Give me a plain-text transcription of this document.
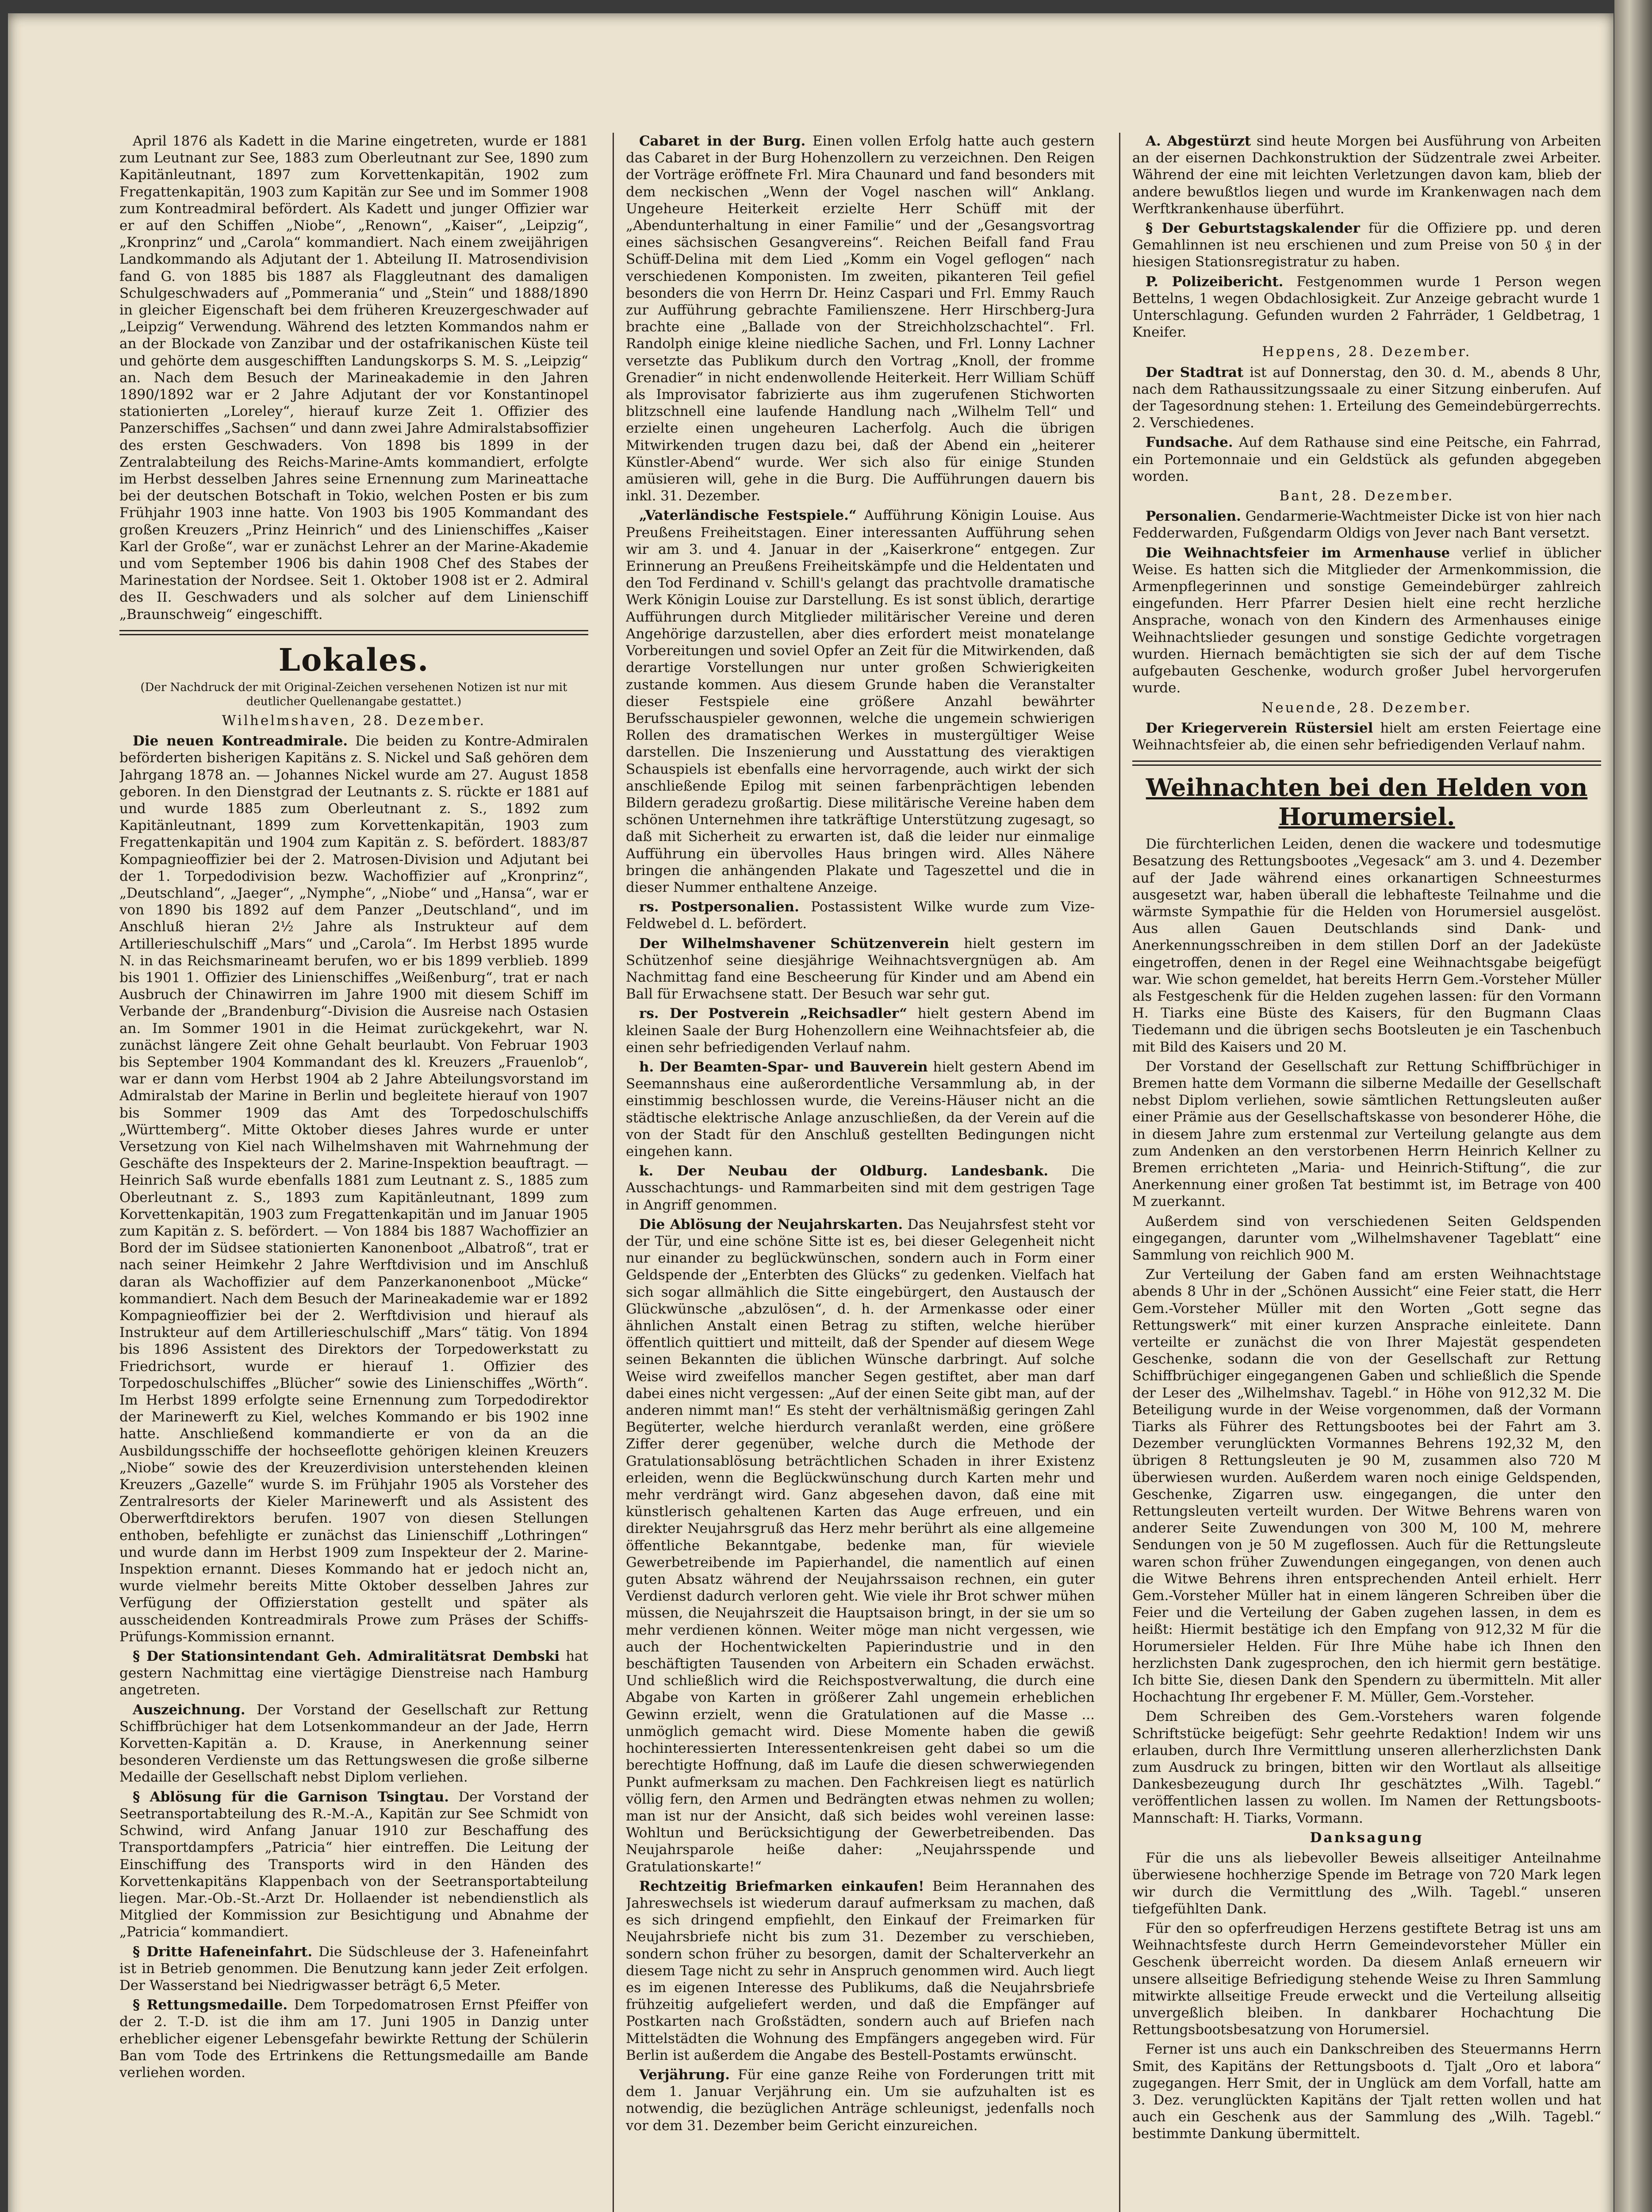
April 1876 als Kadett in die Marine eingetreten, wurde er 1881 zum Leutnant zur See, 1883 zum Oberleutnant zur See, 1890 zum Kapitänleutnant, 1897 zum Korvettenkapitän, 1902 zum Fregattenkapitän, 1903 zum Kapitän zur See und im Sommer 1908 zum Kontreadmiral befördert. Als Kadett und junger Offizier war er auf den Schiffen „Niobe“, „Renown“, „Kaiser“, „Leipzig“, „Kronprinz“ und „Carola“ kommandiert. Nach einem zweijährigen Landkommando als Adjutant der 1. Abteilung II. Matrosendivision fand G. von 1885 bis 1887 als Flaggleutnant des damaligen Schulgeschwaders auf „Pommerania“ und „Stein“ und 1888/1890 in gleicher Eigenschaft bei dem früheren Kreuzergeschwader auf „Leipzig“ Verwendung. Während des letzten Kommandos nahm er an der Blockade von Zanzibar und der ostafrikanischen Küste teil und gehörte dem ausgeschifften Landungskorps S. M. S. „Leipzig“ an. Nach dem Besuch der Marineakademie in den Jahren 1890/1892 war er 2 Jahre Adjutant der vor Konstantinopel stationierten „Loreley“, hierauf kurze Zeit 1. Offizier des Panzerschiffes „Sachsen“ und dann zwei Jahre Admiralstabsoffizier des ersten Geschwaders. Von 1898 bis 1899 in der Zentralabteilung des Reichs-Marine-Amts kommandiert, erfolgte im Herbst desselben Jahres seine Ernennung zum Marineattache bei der deutschen Botschaft in Tokio, welchen Posten er bis zum Frühjahr 1903 inne hatte. Von 1903 bis 1905 Kommandant des großen Kreuzers „Prinz Heinrich“ und des Linienschiffes „Kaiser Karl der Große“, war er zunächst Lehrer an der Marine-Akademie und vom September 1906 bis dahin 1908 Chef des Stabes der Marinestation der Nordsee. Seit 1. Oktober 1908 ist er 2. Admiral des II. Geschwaders und als solcher auf dem Linienschiff „Braunschweig“ eingeschifft.

Lokales.
(Der Nachdruck der mit Original-Zeichen versehenen Notizen ist nur mit deutlicher Quellenangabe gestattet.)
Wilhelmshaven, 28. Dezember.

Die neuen Kontreadmirale. Die beiden zu Kontre-Admiralen beförderten bisherigen Kapitäns z. S. Nickel und Saß gehören dem Jahrgang 1878 an. — Johannes Nickel wurde am 27. August 1858 geboren. In den Dienstgrad der Leutnants z. S. rückte er 1881 auf und wurde 1885 zum Oberleutnant z. S., 1892 zum Kapitänleutnant, 1899 zum Korvettenkapitän, 1903 zum Fregattenkapitän und 1904 zum Kapitän z. S. befördert. 1883/87 Kompagnieoffizier bei der 2. Matrosen-Division und Adjutant bei der 1. Torpedodivision bezw. Wachoffizier auf „Kronprinz“, „Deutschland“, „Jaeger“, „Nymphe“, „Niobe“ und „Hansa“, war er von 1890 bis 1892 auf dem Panzer „Deutschland“, und im Anschluß hieran 2½ Jahre als Instrukteur auf dem Artillerieschulschiff „Mars“ und „Carola“. Im Herbst 1895 wurde N. in das Reichsmarineamt berufen, wo er bis 1899 verblieb. 1899 bis 1901 1. Offizier des Linienschiffes „Weißenburg“, trat er nach Ausbruch der Chinawirren im Jahre 1900 mit diesem Schiff im Verbande der „Brandenburg“-Division die Ausreise nach Ostasien an. Im Sommer 1901 in die Heimat zurückgekehrt, war N. zunächst längere Zeit ohne Gehalt beurlaubt. Von Februar 1903 bis September 1904 Kommandant des kl. Kreuzers „Frauenlob“, war er dann vom Herbst 1904 ab 2 Jahre Abteilungsvorstand im Admiralstab der Marine in Berlin und begleitete hierauf von 1907 bis Sommer 1909 das Amt des Torpedoschulschiffs „Württemberg“. Mitte Oktober dieses Jahres wurde er unter Versetzung von Kiel nach Wilhelmshaven mit Wahrnehmung der Geschäfte des Inspekteurs der 2. Marine-Inspektion beauftragt. — Heinrich Saß wurde ebenfalls 1881 zum Leutnant z. S., 1885 zum Oberleutnant z. S., 1893 zum Kapitänleutnant, 1899 zum Korvettenkapitän, 1903 zum Fregattenkapitän und im Januar 1905 zum Kapitän z. S. befördert. — Von 1884 bis 1887 Wachoffizier an Bord der im Südsee stationierten Kanonenboot „Albatroß“, trat er nach seiner Heimkehr 2 Jahre Werftdivision und im Anschluß daran als Wachoffizier auf dem Panzerkanonenboot „Mücke“ kommandiert. Nach dem Besuch der Marineakademie war er 1892 Kompagnieoffizier bei der 2. Werftdivision und hierauf als Instrukteur auf dem Artillerieschulschiff „Mars“ tätig. Von 1894 bis 1896 Assistent des Direktors der Torpedowerkstatt zu Friedrichsort, wurde er hierauf 1. Offizier des Torpedoschulschiffes „Blücher“ sowie des Linienschiffes „Wörth“. Im Herbst 1899 erfolgte seine Ernennung zum Torpedodirektor der Marinewerft zu Kiel, welches Kommando er bis 1902 inne hatte. Anschließend kommandierte er von da an die Ausbildungsschiffe der hochseeflotte gehörigen kleinen Kreuzers „Niobe“ sowie des der Kreuzerdivision unterstehenden kleinen Kreuzers „Gazelle“ wurde S. im Frühjahr 1905 als Vorsteher des Zentralresorts der Kieler Marinewerft und als Assistent des Oberwerftdirektors berufen. 1907 von diesen Stellungen enthoben, befehligte er zunächst das Linienschiff „Lothringen“ und wurde dann im Herbst 1909 zum Inspekteur der 2. Marine-Inspektion ernannt. Dieses Kommando hat er jedoch nicht an, wurde vielmehr bereits Mitte Oktober desselben Jahres zur Verfügung der Offizierstation gestellt und später als ausscheidenden Kontreadmirals Prowe zum Präses der Schiffs-Prüfungs-Kommission ernannt.

§ Der Stationsintendant Geh. Admiralitätsrat Dembski hat gestern Nachmittag eine viertägige Dienstreise nach Hamburg angetreten.

Auszeichnung. Der Vorstand der Gesellschaft zur Rettung Schiffbrüchiger hat dem Lotsenkommandeur an der Jade, Herrn Korvetten-Kapitän a. D. Krause, in Anerkennung seiner besonderen Verdienste um das Rettungswesen die große silberne Medaille der Gesellschaft nebst Diplom verliehen.

§ Ablösung für die Garnison Tsingtau. Der Vorstand der Seetransportabteilung des R.-M.-A., Kapitän zur See Schmidt von Schwind, wird Anfang Januar 1910 zur Beschaffung des Transportdampfers „Patricia“ hier eintreffen. Die Leitung der Einschiffung des Transports wird in den Händen des Korvettenkapitäns Klappenbach von der Seetransportabteilung liegen. Mar.-Ob.-St.-Arzt Dr. Hollaender ist nebendienstlich als Mitglied der Kommission zur Besichtigung und Abnahme der „Patricia“ kommandiert.

§ Dritte Hafeneinfahrt. Die Südschleuse der 3. Hafeneinfahrt ist in Betrieb genommen. Die Benutzung kann jeder Zeit erfolgen. Der Wasserstand bei Niedrigwasser beträgt 6,5 Meter.

§ Rettungsmedaille. Dem Torpedomatrosen Ernst Pfeiffer von der 2. T.-D. ist die ihm am 17. Juni 1905 in Danzig unter erheblicher eigener Lebensgefahr bewirkte Rettung der Schülerin Ban vom Tode des Ertrinkens die Rettungsmedaille am Bande verliehen worden.

Cabaret in der Burg. Einen vollen Erfolg hatte auch gestern das Cabaret in der Burg Hohenzollern zu verzeichnen. Den Reigen der Vorträge eröffnete Frl. Mira Chaunard und fand besonders mit dem neckischen „Wenn der Vogel naschen will“ Anklang. Ungeheure Heiterkeit erzielte Herr Schüff mit der „Abendunterhaltung in einer Familie“ und der „Gesangsvortrag eines sächsischen Gesangvereins“. Reichen Beifall fand Frau Schüff-Delina mit dem Lied „Komm ein Vogel geflogen“ nach verschiedenen Komponisten. Im zweiten, pikanteren Teil gefiel besonders die von Herrn Dr. Heinz Caspari und Frl. Emmy Rauch zur Aufführung gebrachte Familienszene. Herr Hirschberg-Jura brachte eine „Ballade von der Streichholzschachtel“. Frl. Randolph einige kleine niedliche Sachen, und Frl. Lonny Lachner versetzte das Publikum durch den Vortrag „Knoll, der fromme Grenadier“ in nicht endenwollende Heiterkeit. Herr William Schüff als Improvisator fabrizierte aus ihm zugerufenen Stichworten blitzschnell eine laufende Handlung nach „Wilhelm Tell“ und erzielte einen ungeheuren Lacherfolg. Auch die übrigen Mitwirkenden trugen dazu bei, daß der Abend ein „heiterer Künstler-Abend“ wurde. Wer sich also für einige Stunden amüsieren will, gehe in die Burg. Die Aufführungen dauern bis inkl. 31. Dezember.

„Vaterländische Festspiele.“ Aufführung Königin Louise. Aus Preußens Freiheitstagen. Einer interessanten Aufführung sehen wir am 3. und 4. Januar in der „Kaiserkrone“ entgegen. Zur Erinnerung an Preußens Freiheitskämpfe und die Heldentaten und den Tod Ferdinand v. Schill's gelangt das prachtvolle dramatische Werk Königin Louise zur Darstellung. Es ist sonst üblich, derartige Aufführungen durch Mitglieder militärischer Vereine und deren Angehörige darzustellen, aber dies erfordert meist monatelange Vorbereitungen und soviel Opfer an Zeit für die Mitwirkenden, daß derartige Vorstellungen nur unter großen Schwierigkeiten zustande kommen. Aus diesem Grunde haben die Veranstalter dieser Festspiele eine größere Anzahl bewährter Berufsschauspieler gewonnen, welche die ungemein schwierigen Rollen des dramatischen Werkes in mustergültiger Weise darstellen. Die Inszenierung und Ausstattung des vieraktigen Schauspiels ist ebenfalls eine hervorragende, auch wirkt der sich anschließende Epilog mit seinen farbenprächtigen lebenden Bildern geradezu großartig. Diese militärische Vereine haben dem schönen Unternehmen ihre tatkräftige Unterstützung zugesagt, so daß mit Sicherheit zu erwarten ist, daß die leider nur einmalige Aufführung ein übervolles Haus bringen wird. Alles Nähere bringen die anhängenden Plakate und Tageszettel und die in dieser Nummer enthaltene Anzeige.

rs. Postpersonalien. Postassistent Wilke wurde zum Vize-Feldwebel d. L. befördert.

Der Wilhelmshavener Schützenverein hielt gestern im Schützenhof seine diesjährige Weihnachtsvergnügen ab. Am Nachmittag fand eine Bescheerung für Kinder und am Abend ein Ball für Erwachsene statt. Der Besuch war sehr gut.

rs. Der Postverein „Reichsadler“ hielt gestern Abend im kleinen Saale der Burg Hohenzollern eine Weihnachtsfeier ab, die einen sehr befriedigenden Verlauf nahm.

h. Der Beamten-Spar- und Bauverein hielt gestern Abend im Seemannshaus eine außerordentliche Versammlung ab, in der einstimmig beschlossen wurde, die Vereins-Häuser nicht an die städtische elektrische Anlage anzuschließen, da der Verein auf die von der Stadt für den Anschluß gestellten Bedingungen nicht eingehen kann.

k. Der Neubau der Oldburg. Landesbank. Die Ausschachtungs- und Rammarbeiten sind mit dem gestrigen Tage in Angriff genommen.

Die Ablösung der Neujahrskarten. Das Neujahrsfest steht vor der Tür, und eine schöne Sitte ist es, bei dieser Gelegenheit nicht nur einander zu beglückwünschen, sondern auch in Form einer Geldspende der „Enterbten des Glücks“ zu gedenken. Vielfach hat sich sogar allmählich die Sitte eingebürgert, den Austausch der Glückwünsche „abzulösen“, d. h. der Armenkasse oder einer ähnlichen Anstalt einen Betrag zu stiften, welche hierüber öffentlich quittiert und mitteilt, daß der Spender auf diesem Wege seinen Bekannten die üblichen Wünsche darbringt. Auf solche Weise wird zweifellos mancher Segen gestiftet, aber man darf dabei eines nicht vergessen: „Auf der einen Seite gibt man, auf der anderen nimmt man!“ Es steht der verhältnismäßig geringen Zahl Begüterter, welche hierdurch veranlaßt werden, eine größere Ziffer derer gegenüber, welche durch die Methode der Gratulationsablösung beträchtlichen Schaden in ihrer Existenz erleiden, wenn die Beglückwünschung durch Karten mehr und mehr verdrängt wird. Ganz abgesehen davon, daß eine mit künstlerisch gehaltenen Karten das Auge erfreuen, und ein direkter Neujahrsgruß das Herz mehr berührt als eine allgemeine öffentliche Bekanntgabe, bedenke man, für wieviele Gewerbetreibende im Papierhandel, die namentlich auf einen guten Absatz während der Neujahrssaison rechnen, ein guter Verdienst dadurch verloren geht. Wie viele ihr Brot schwer mühen müssen, die Neujahrszeit die Hauptsaison bringt, in der sie um so mehr verdienen können. Weiter möge man nicht vergessen, wie auch der Hochentwickelten Papierindustrie und in den beschäftigten Tausenden von Arbeitern ein Schaden erwächst. Und schließlich wird die Reichspostverwaltung, die durch eine Abgabe von Karten in größerer Zahl ungemein erheblichen Gewinn erzielt, wenn die Gratulationen auf die Masse ... unmöglich gemacht wird. Diese Momente haben die gewiß hochinteressierten Interessentenkreisen geht dabei so um die berechtigte Hoffnung, daß im Laufe die diesen schwerwiegenden Punkt aufmerksam zu machen. Den Fachkreisen liegt es natürlich völlig fern, den Armen und Bedrängten etwas nehmen zu wollen; man ist nur der Ansicht, daß sich beides wohl vereinen lasse: Wohltun und Berücksichtigung der Gewerbetreibenden. Das Neujahrsparole heiße daher: „Neujahrsspende und Gratulationskarte!“

Rechtzeitig Briefmarken einkaufen! Beim Herannahen des Jahreswechsels ist wiederum darauf aufmerksam zu machen, daß es sich dringend empfiehlt, den Einkauf der Freimarken für Neujahrsbriefe nicht bis zum 31. Dezember zu verschieben, sondern schon früher zu besorgen, damit der Schalterverkehr an diesem Tage nicht zu sehr in Anspruch genommen wird. Auch liegt es im eigenen Interesse des Publikums, daß die Neujahrsbriefe frühzeitig aufgeliefert werden, und daß die Empfänger auf Postkarten nach Großstädten, sondern auch auf Briefen nach Mittelstädten die Wohnung des Empfängers angegeben wird. Für Berlin ist außerdem die Angabe des Bestell-Postamts erwünscht.

Verjährung. Für eine ganze Reihe von Forderungen tritt mit dem 1. Januar Verjährung ein. Um sie aufzuhalten ist es notwendig, die bezüglichen Anträge schleunigst, jedenfalls noch vor dem 31. Dezember beim Gericht einzureichen.

A. Abgestürzt sind heute Morgen bei Ausführung von Arbeiten an der eisernen Dachkonstruktion der Südzentrale zwei Arbeiter. Während der eine mit leichten Verletzungen davon kam, blieb der andere bewußtlos liegen und wurde im Krankenwagen nach dem Werftkrankenhause überführt.

§ Der Geburtstagskalender für die Offiziere pp. und deren Gemahlinnen ist neu erschienen und zum Preise von 50 ₰ in der hiesigen Stationsregistratur zu haben.

P. Polizeibericht. Festgenommen wurde 1 Person wegen Bettelns, 1 wegen Obdachlosigkeit. Zur Anzeige gebracht wurde 1 Unterschlagung. Gefunden wurden 2 Fahrräder, 1 Geldbetrag, 1 Kneifer.

Heppens, 28. Dezember.

Der Stadtrat ist auf Donnerstag, den 30. d. M., abends 8 Uhr, nach dem Rathaussitzungssaale zu einer Sitzung einberufen. Auf der Tagesordnung stehen: 1. Erteilung des Gemeindebürgerrechts. 2. Verschiedenes.

Fundsache. Auf dem Rathause sind eine Peitsche, ein Fahrrad, ein Portemonnaie und ein Geldstück als gefunden abgegeben worden.

Bant, 28. Dezember.

Personalien. Gendarmerie-Wachtmeister Dicke ist von hier nach Fedderwarden, Fußgendarm Oldigs von Jever nach Bant versetzt.

Die Weihnachtsfeier im Armenhause verlief in üblicher Weise. Es hatten sich die Mitglieder der Armenkommission, die Armenpflegerinnen und sonstige Gemeindebürger zahlreich eingefunden. Herr Pfarrer Desien hielt eine recht herzliche Ansprache, wonach von den Kindern des Armenhauses einige Weihnachtslieder gesungen und sonstige Gedichte vorgetragen wurden. Hiernach bemächtigten sie sich der auf dem Tische aufgebauten Geschenke, wodurch großer Jubel hervorgerufen wurde.

Neuende, 28. Dezember.

Der Kriegerverein Rüstersiel hielt am ersten Feiertage eine Weihnachtsfeier ab, die einen sehr befriedigenden Verlauf nahm.

Weihnachten bei den Helden von Horumersiel.

Die fürchterlichen Leiden, denen die wackere und todesmutige Besatzung des Rettungsbootes „Vegesack“ am 3. und 4. Dezember auf der Jade während eines orkanartigen Schneesturmes ausgesetzt war, haben überall die lebhafteste Teilnahme und die wärmste Sympathie für die Helden von Horumersiel ausgelöst. Aus allen Gauen Deutschlands sind Dank- und Anerkennungsschreiben in dem stillen Dorf an der Jadeküste eingetroffen, denen in der Regel eine Weihnachtsgabe beigefügt war. Wie schon gemeldet, hat bereits Herrn Gem.-Vorsteher Müller als Festgeschenk für die Helden zugehen lassen: für den Vormann H. Tiarks eine Büste des Kaisers, für den Bugmann Claas Tiedemann und die übrigen sechs Bootsleuten je ein Taschenbuch mit Bild des Kaisers und 20 M.

Der Vorstand der Gesellschaft zur Rettung Schiffbrüchiger in Bremen hatte dem Vormann die silberne Medaille der Gesellschaft nebst Diplom verliehen, sowie sämtlichen Rettungsleuten außer einer Prämie aus der Gesellschaftskasse von besonderer Höhe, die in diesem Jahre zum erstenmal zur Verteilung gelangte aus dem zum Andenken an den verstorbenen Herrn Heinrich Kellner zu Bremen errichteten „Maria- und Heinrich-Stiftung“, die zur Anerkennung einer großen Tat bestimmt ist, im Betrage von 400 M zuerkannt.

Außerdem sind von verschiedenen Seiten Geldspenden eingegangen, darunter vom „Wilhelmshavener Tageblatt“ eine Sammlung von reichlich 900 M.

Zur Verteilung der Gaben fand am ersten Weihnachtstage abends 8 Uhr in der „Schönen Aussicht“ eine Feier statt, die Herr Gem.-Vorsteher Müller mit den Worten „Gott segne das Rettungswerk“ mit einer kurzen Ansprache einleitete. Dann verteilte er zunächst die von Ihrer Majestät gespendeten Geschenke, sodann die von der Gesellschaft zur Rettung Schiffbrüchiger eingegangenen Gaben und schließlich die Spende der Leser des „Wilhelmshav. Tagebl.“ in Höhe von 912,32 M. Die Beteiligung wurde in der Weise vorgenommen, daß der Vormann Tiarks als Führer des Rettungsbootes bei der Fahrt am 3. Dezember verunglückten Vormannes Behrens 192,32 M, den übrigen 8 Rettungsleuten je 90 M, zusammen also 720 M überwiesen wurden. Außerdem waren noch einige Geldspenden, Geschenke, Zigarren usw. eingegangen, die unter den Rettungsleuten verteilt wurden. Der Witwe Behrens waren von anderer Seite Zuwendungen von 300 M, 100 M, mehrere Sendungen von je 50 M zugeflossen. Auch für die Rettungsleute waren schon früher Zuwendungen eingegangen, von denen auch die Witwe Behrens ihren entsprechenden Anteil erhielt. Herr Gem.-Vorsteher Müller hat in einem längeren Schreiben über die Feier und die Verteilung der Gaben zugehen lassen, in dem es heißt: Hiermit bestätige ich den Empfang von 912,32 M für die Horumersieler Helden. Für Ihre Mühe habe ich Ihnen den herzlichsten Dank zugesprochen, den ich hiermit gern bestätige. Ich bitte Sie, diesen Dank den Spendern zu übermitteln. Mit aller Hochachtung Ihr ergebener F. M. Müller, Gem.-Vorsteher.

Dem Schreiben des Gem.-Vorstehers waren folgende Schriftstücke beigefügt: Sehr geehrte Redaktion! Indem wir uns erlauben, durch Ihre Vermittlung unseren allerherzlichsten Dank zum Ausdruck zu bringen, bitten wir den Wortlaut als allseitige Dankesbezeugung durch Ihr geschätztes „Wilh. Tagebl.“ veröffentlichen lassen zu wollen. Im Namen der Rettungsboots-Mannschaft: H. Tiarks, Vormann.

Danksagung

Für die uns als liebevoller Beweis allseitiger Anteilnahme überwiesene hochherzige Spende im Betrage von 720 Mark legen wir durch die Vermittlung des „Wilh. Tagebl.“ unseren tiefgefühlten Dank.

Für den so opferfreudigen Herzens gestiftete Betrag ist uns am Weihnachtsfeste durch Herrn Gemeindevorsteher Müller ein Geschenk überreicht worden. Da diesem Anlaß erneuern wir unsere allseitige Befriedigung stehende Weise zu Ihren Sammlung mitwirkte allseitige Freude erweckt und die Verteilung allseitig unvergeßlich bleiben. In dankbarer Hochachtung Die Rettungsbootsbesatzung von Horumersiel.

Ferner ist uns auch ein Dankschreiben des Steuermanns Herrn Smit, des Kapitäns der Rettungsboots d. Tjalt „Oro et labora“ zugegangen. Herr Smit, der in Unglück am dem Vorfall, hatte am 3. Dez. verunglückten Kapitäns der Tjalt retten wollen und hat auch ein Geschenk aus der Sammlung des „Wilh. Tagebl.“ bestimmte Dankung übermittelt.
